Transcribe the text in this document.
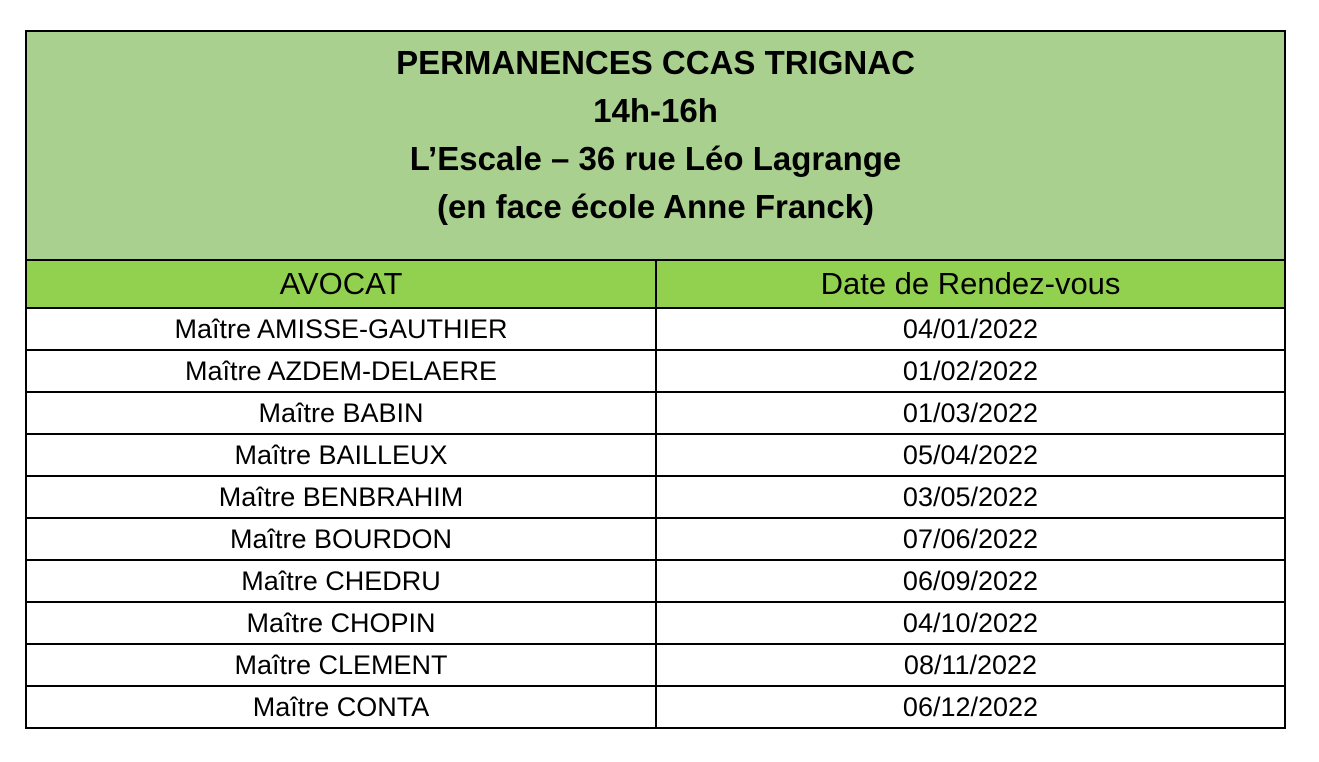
PERMANENCES CCAS TRIGNAC
14h-16h
L’Escale – 36 rue Léo Lagrange
(en face école Anne Franck)
AVOCAT	Date de Rendez-vous
Maître AMISSE-GAUTHIER	04/01/2022
Maître AZDEM-DELAERE	01/02/2022
Maître BABIN	01/03/2022
Maître BAILLEUX	05/04/2022
Maître BENBRAHIM	03/05/2022
Maître BOURDON	07/06/2022
Maître CHEDRU	06/09/2022
Maître CHOPIN	04/10/2022
Maître CLEMENT	08/11/2022
Maître CONTA	06/12/2022
